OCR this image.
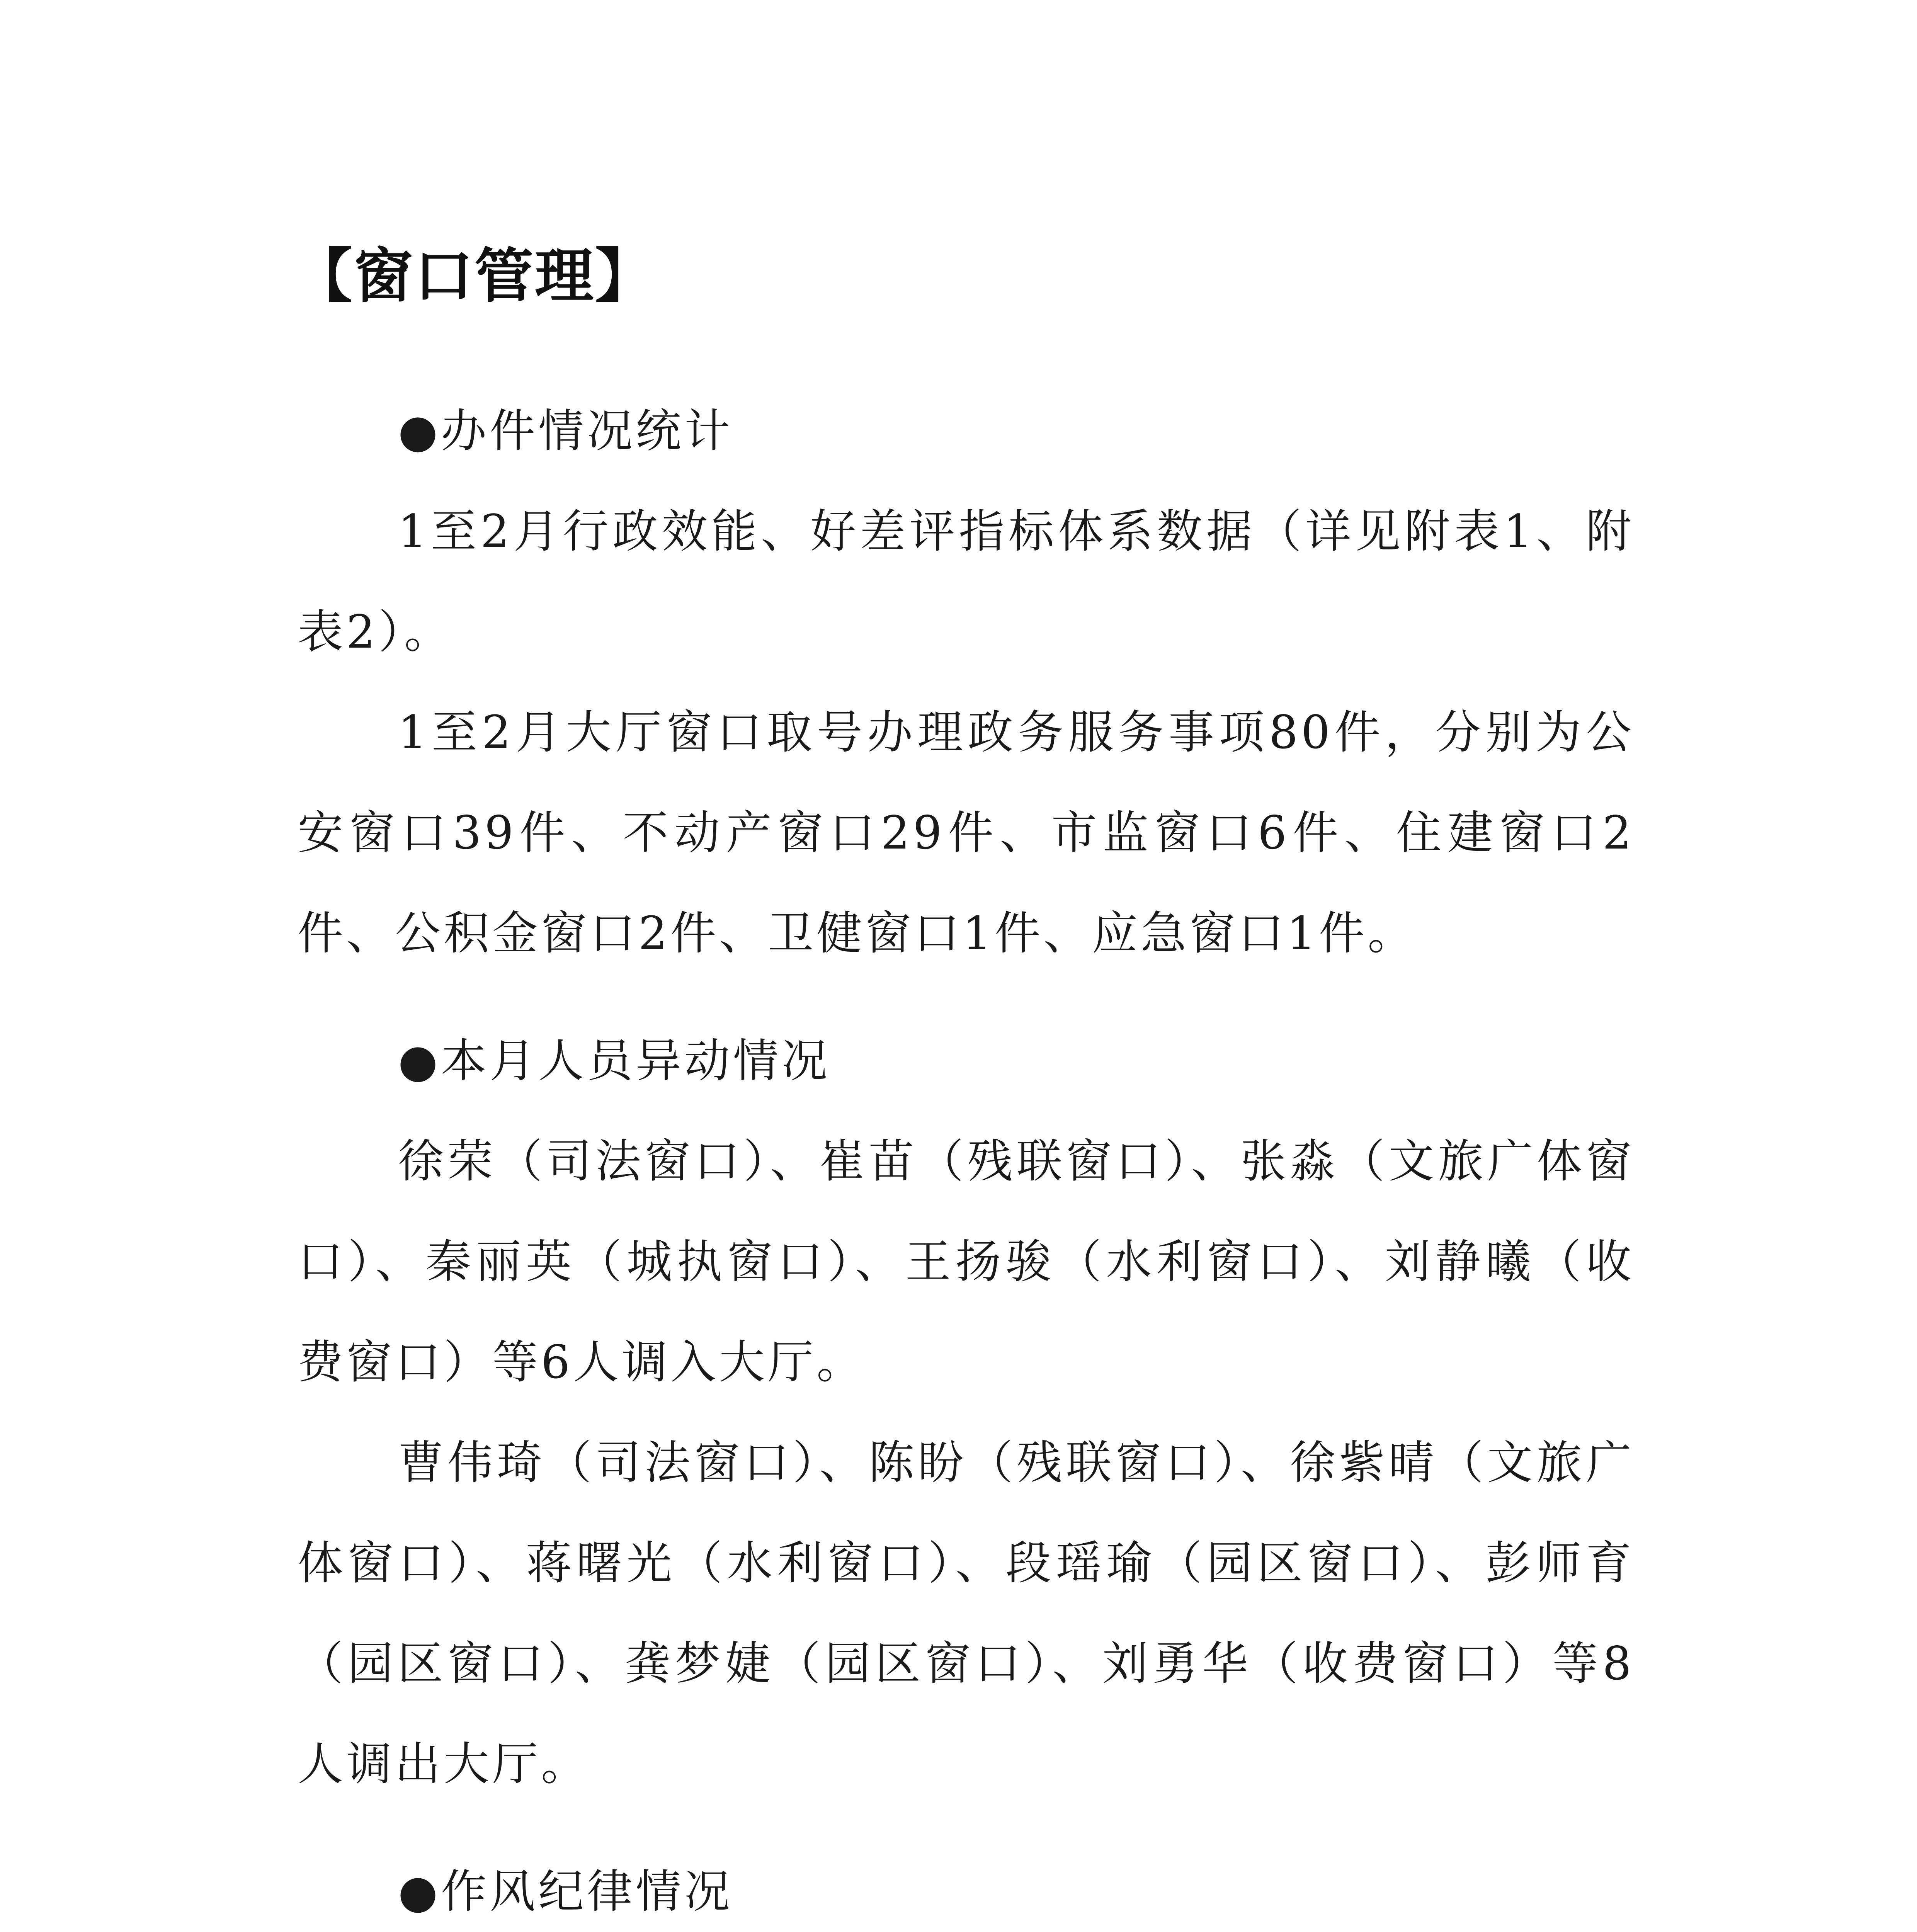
【窗口管理】

●办件情况统计

1至2月行政效能、好差评指标体系数据（详见附表1、附表2）。

1至2月大厅窗口取号办理政务服务事项80件，分别为公安窗口39件、不动产窗口29件、市监窗口6件、住建窗口2件、公积金窗口2件、卫健窗口1件、应急窗口1件。

●本月人员异动情况

徐荣（司法窗口）、崔苗（残联窗口）、张淼（文旅广体窗口）、秦丽英（城执窗口）、王扬骏（水利窗口）、刘静曦（收费窗口）等6人调入大厅。

曹伟琦（司法窗口）、陈盼（残联窗口）、徐紫晴（文旅广体窗口）、蒋曙光（水利窗口）、段瑶瑜（园区窗口）、彭师育（园区窗口）、龚梦婕（园区窗口）、刘勇华（收费窗口）等8人调出大厅。

●作风纪律情况
